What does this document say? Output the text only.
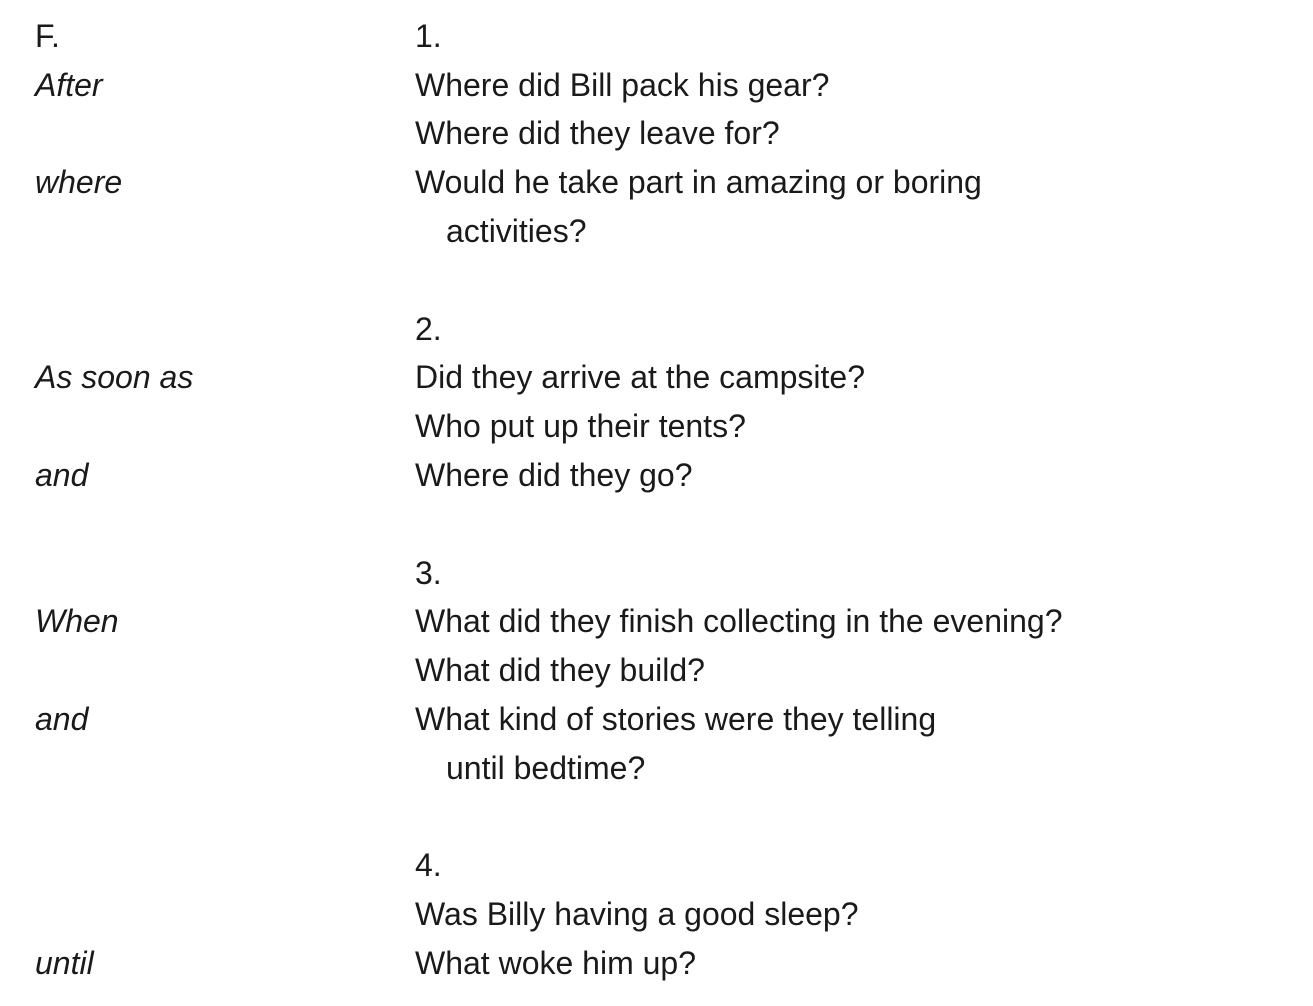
F.	1.
After	Where did Bill pack his gear?
Where did they leave for?
where	Would he take part in amazing or boring
activities?
2.
As soon as	Did they arrive at the campsite?
Who put up their tents?
and	Where did they go?
3.
When	What did they finish collecting in the evening?
What did they build?
and	What kind of stories were they telling
until bedtime?
4.
Was Billy having a good sleep?
until	What woke him up?
